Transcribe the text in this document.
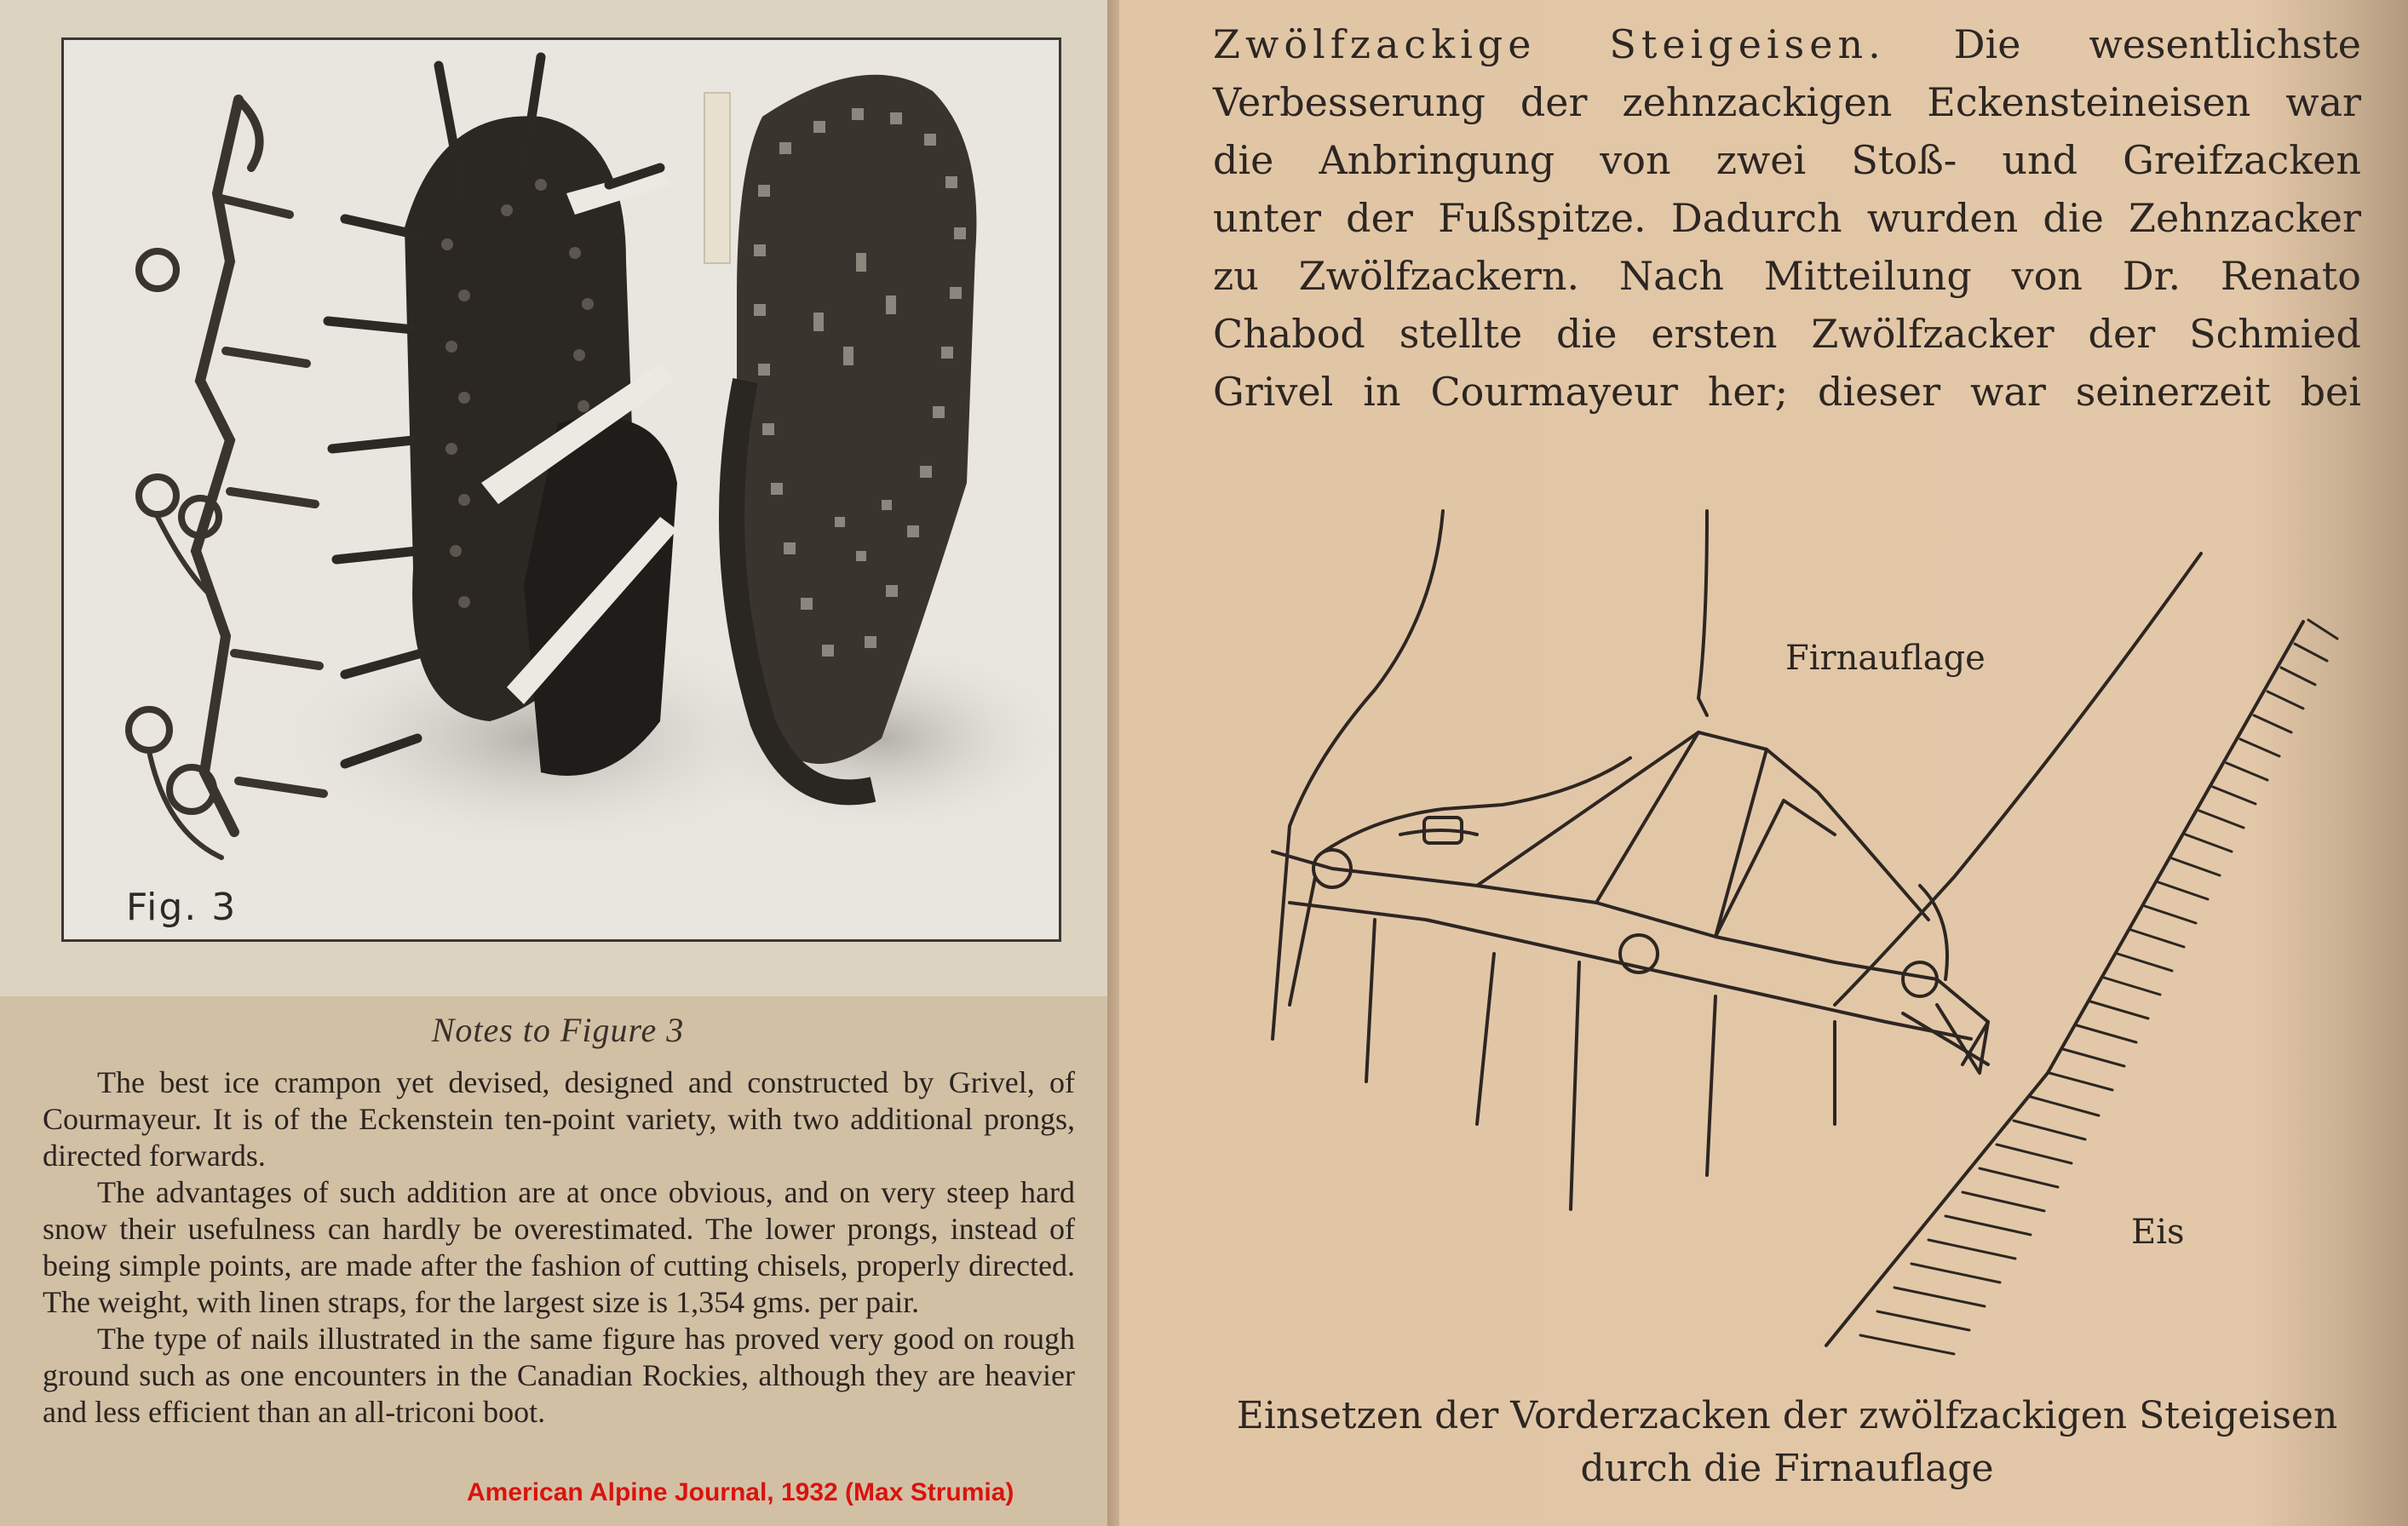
Fig. 3
Notes to Figure 3

The best ice crampon yet devised, designed and constructed by Grivel, of Courmayeur. It is of the Eckenstein ten-point variety, with two additional prongs, directed forwards.

The advantages of such addition are at once obvious, and on very steep hard snow their usefulness can hardly be overestimated. The lower prongs, instead of being simple points, are made after the fashion of cutting chisels, properly directed. The weight, with linen straps, for the largest size is 1,354 gms. per pair.

The type of nails illustrated in the same figure has proved very good on rough ground such as one encounters in the Canadian Rockies, although they are heavier and less efficient than an all-triconi boot.

American Alpine Journal, 1932 (Max Strumia)
Zwölfzackige Steigeisen. Die wesentlichste
Verbesserung der zehnzackigen Eckensteineisen war
die Anbringung von zwei Stoß- und Greifzacken
unter der Fußspitze. Dadurch wurden die Zehnzacker
zu Zwölfzackern. Nach Mitteilung von Dr. Renato
Chabod stellte die ersten Zwölfzacker der Schmied
Grivel in Courmayeur her; dieser war seinerzeit bei
Firnauflage
Eis
Einsetzen der Vorderzacken der zwölfzackigen Steigeisen
durch die Firnauflage
